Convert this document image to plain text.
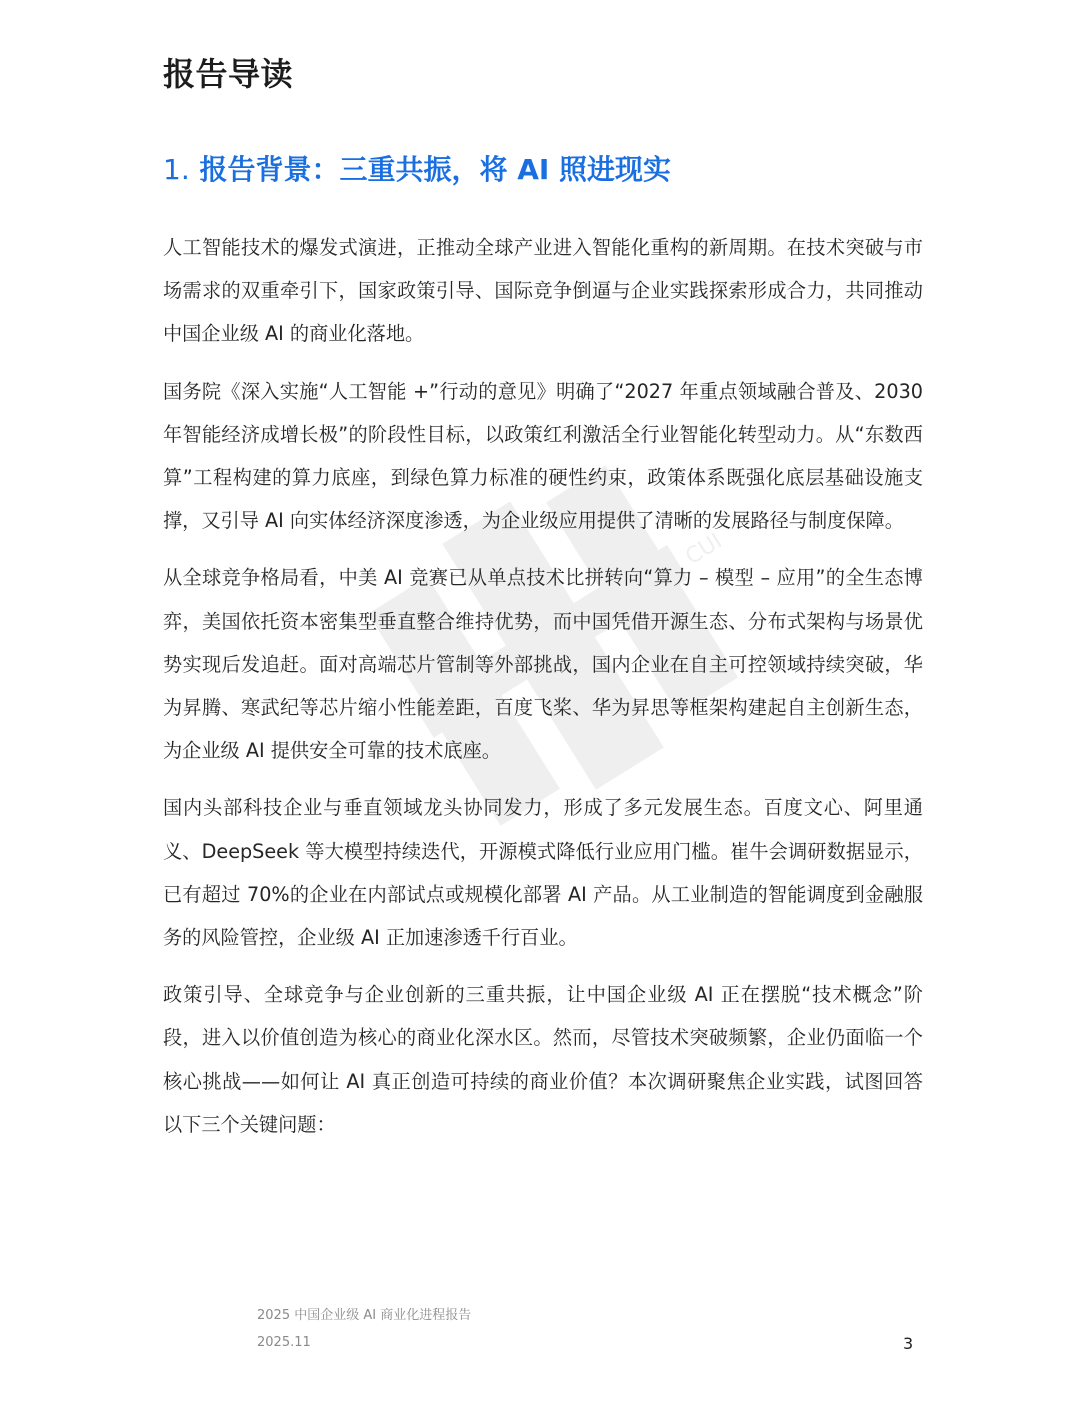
报告导读
1. 报告背景：三重共振，将 AI 照进现实
CUI NIU HUI

人工智能技术的爆发式演进，正推动全球产业进入智能化重构的新周期。在技术突破与市场需求的双重牵引下，国家政策引导、国际竞争倒逼与企业实践探索形成合力，共同推动中国企业级 AI 的商业化落地。

国务院《深入实施“人工智能 +”行动的意见》明确了“2027 年重点领域融合普及、2030 年智能经济成增长极”的阶段性目标，以政策红利激活全行业智能化转型动力。从“东数西算”工程构建的算力底座，到绿色算力标准的硬性约束，政策体系既强化底层基础设施支撑，又引导 AI 向实体经济深度渗透，为企业级应用提供了清晰的发展路径与制度保障。

从全球竞争格局看，中美 AI 竞赛已从单点技术比拼转向“算力 – 模型 – 应用”的全生态博弈，美国依托资本密集型垂直整合维持优势，而中国凭借开源生态、分布式架构与场景优势实现后发追赶。面对高端芯片管制等外部挑战，国内企业在自主可控领域持续突破，华为昇腾、寒武纪等芯片缩小性能差距，百度飞桨、华为昇思等框架构建起自主创新生态，为企业级 AI 提供安全可靠的技术底座。

国内头部科技企业与垂直领域龙头协同发力，形成了多元发展生态。百度文心、阿里通义、DeepSeek 等大模型持续迭代，开源模式降低行业应用门槛。崔牛会调研数据显示，已有超过 70%的企业在内部试点或规模化部署 AI 产品。从工业制造的智能调度到金融服务的风险管控，企业级 AI 正加速渗透千行百业。

政策引导、全球竞争与企业创新的三重共振，让中国企业级 AI 正在摆脱“技术概念”阶段，进入以价值创造为核心的商业化深水区。然而，尽管技术突破频繁，企业仍面临一个核心挑战——如何让 AI 真正创造可持续的商业价值？本次调研聚焦企业实践，试图回答以下三个关键问题：

2025 中国企业级 AI 商业化进程报告
2025.11	3
